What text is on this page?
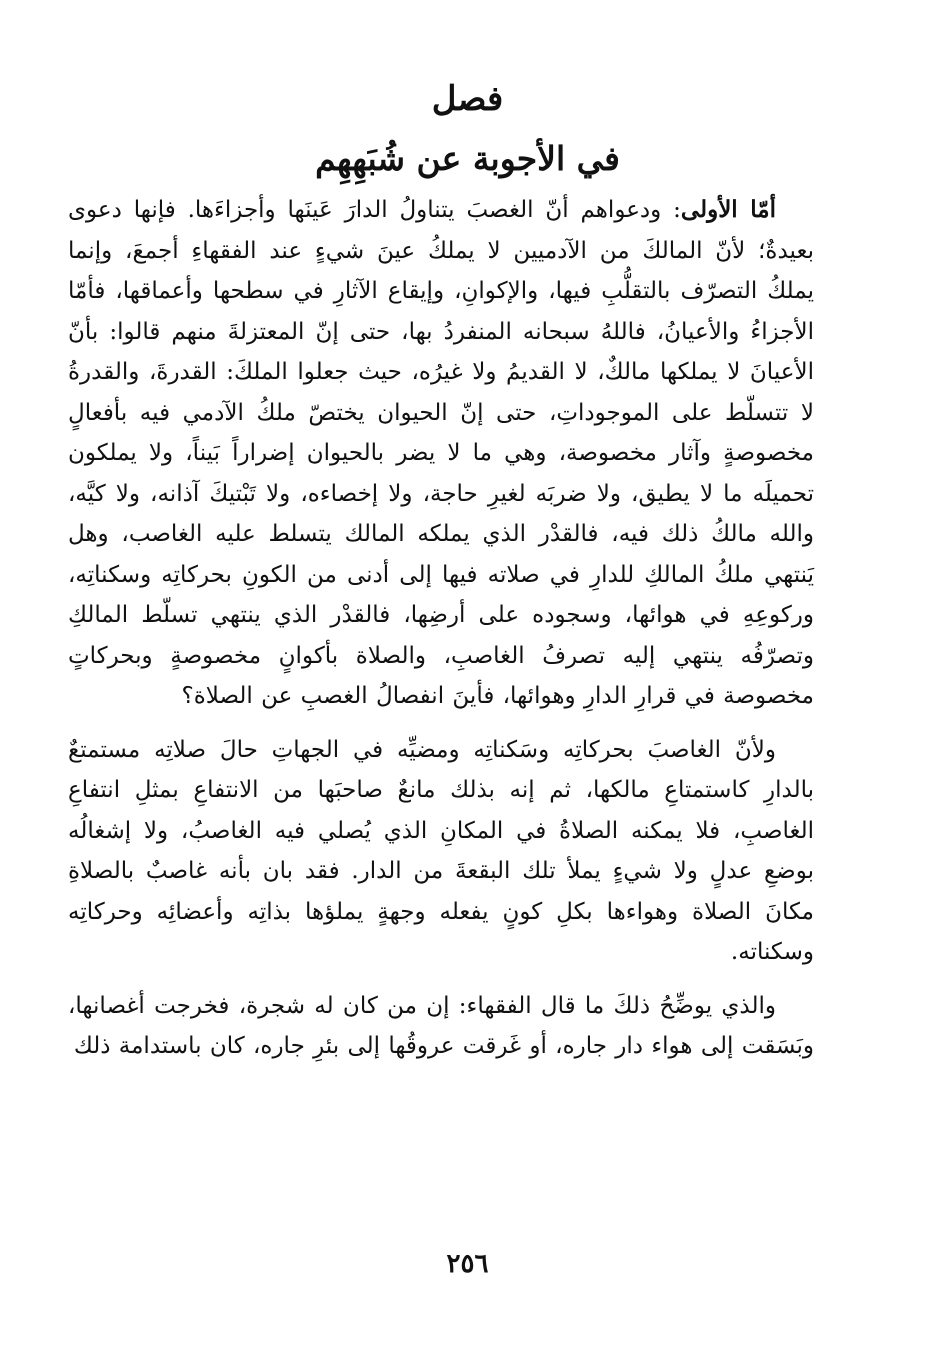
فصل
في الأجوبة عن شُبَهِهِم

أمّا الأولى: ودعواهم أنّ الغصبَ يتناولُ الدارَ عَينَها وأجزاءَها. فإنها دعوى بعيدةٌ؛ لأنّ المالكَ من الآدميين لا يملكُ عينَ شيءٍ عند الفقهاءِ أجمعَ، وإنما يملكُ التصرّف بالتقلُّبِ فيها، والإكوانِ، وإيقاع الآثارِ في سطحها وأعماقها، فأمّا الأجزاءُ والأعيانُ، فاللهُ سبحانه المنفردُ بها، حتى إنّ المعتزلةَ منهم قالوا: بأنّ الأعيانَ لا يملكها مالكٌ، لا القديمُ ولا غيرُه، حيث جعلوا الملكَ: القدرةَ، والقدرةُ لا تتسلّط على الموجوداتِ، حتى إنّ الحيوان يختصّ ملكُ الآدمي فيه بأفعالٍ مخصوصةٍ وآثار مخصوصة، وهي ما لا يضر بالحيوان إضراراً بَيناً، ولا يملكون تحميلَه ما لا يطيق، ولا ضربَه لغيرِ حاجة، ولا إخصاءه، ولا تَبْتيكَ آذانه، ولا كيَّه، والله مالكُ ذلك فيه، فالقدْر الذي يملكه المالك يتسلط عليه الغاصب، وهل يَنتهي ملكُ المالكِ للدارِ في صلاته فيها إلى أدنى من الكونِ بحركاتِه وسكناتِه، وركوعِهِ في هوائها، وسجوده على أرضِها، فالقدْر الذي ينتهي تسلّط المالكِ وتصرّفُه ينتهي إليه تصرفُ الغاصبِ، والصلاة بأكوانٍ مخصوصةٍ وبحركاتٍ مخصوصة في قرارِ الدارِ وهوائها، فأينَ انفصالُ الغصبِ عن الصلاة؟

ولأنّ الغاصبَ بحركاتِه وسَكناتِه ومضيِّه في الجهاتِ حالَ صلاتِه مستمتعٌ بالدارِ كاستمتاعِ مالكها، ثم إنه بذلك مانعٌ صاحبَها من الانتفاعِ بمثلِ انتفاعِ الغاصبِ، فلا يمكنه الصلاةُ في المكانِ الذي يُصلي فيه الغاصبُ، ولا إشغالُه بوضعِ عدلٍ ولا شيءٍ يملأ تلك البقعةَ من الدار. فقد بان بأنه غاصبٌ بالصلاةِ مكانَ الصلاة وهواءها بكلِ كونٍ يفعله وجهةٍ يملؤها بذاتِه وأعضائِه وحركاتِه وسكناته.

والذي يوضِّحُ ذلكَ ما قال الفقهاء: إن من كان له شجرة، فخرجت أغصانها، وبَسَقت إلى هواء دار جاره، أو غَرقت عروقُها إلى بئرِ جاره، كان باستدامة ذلك

٢٥٦
